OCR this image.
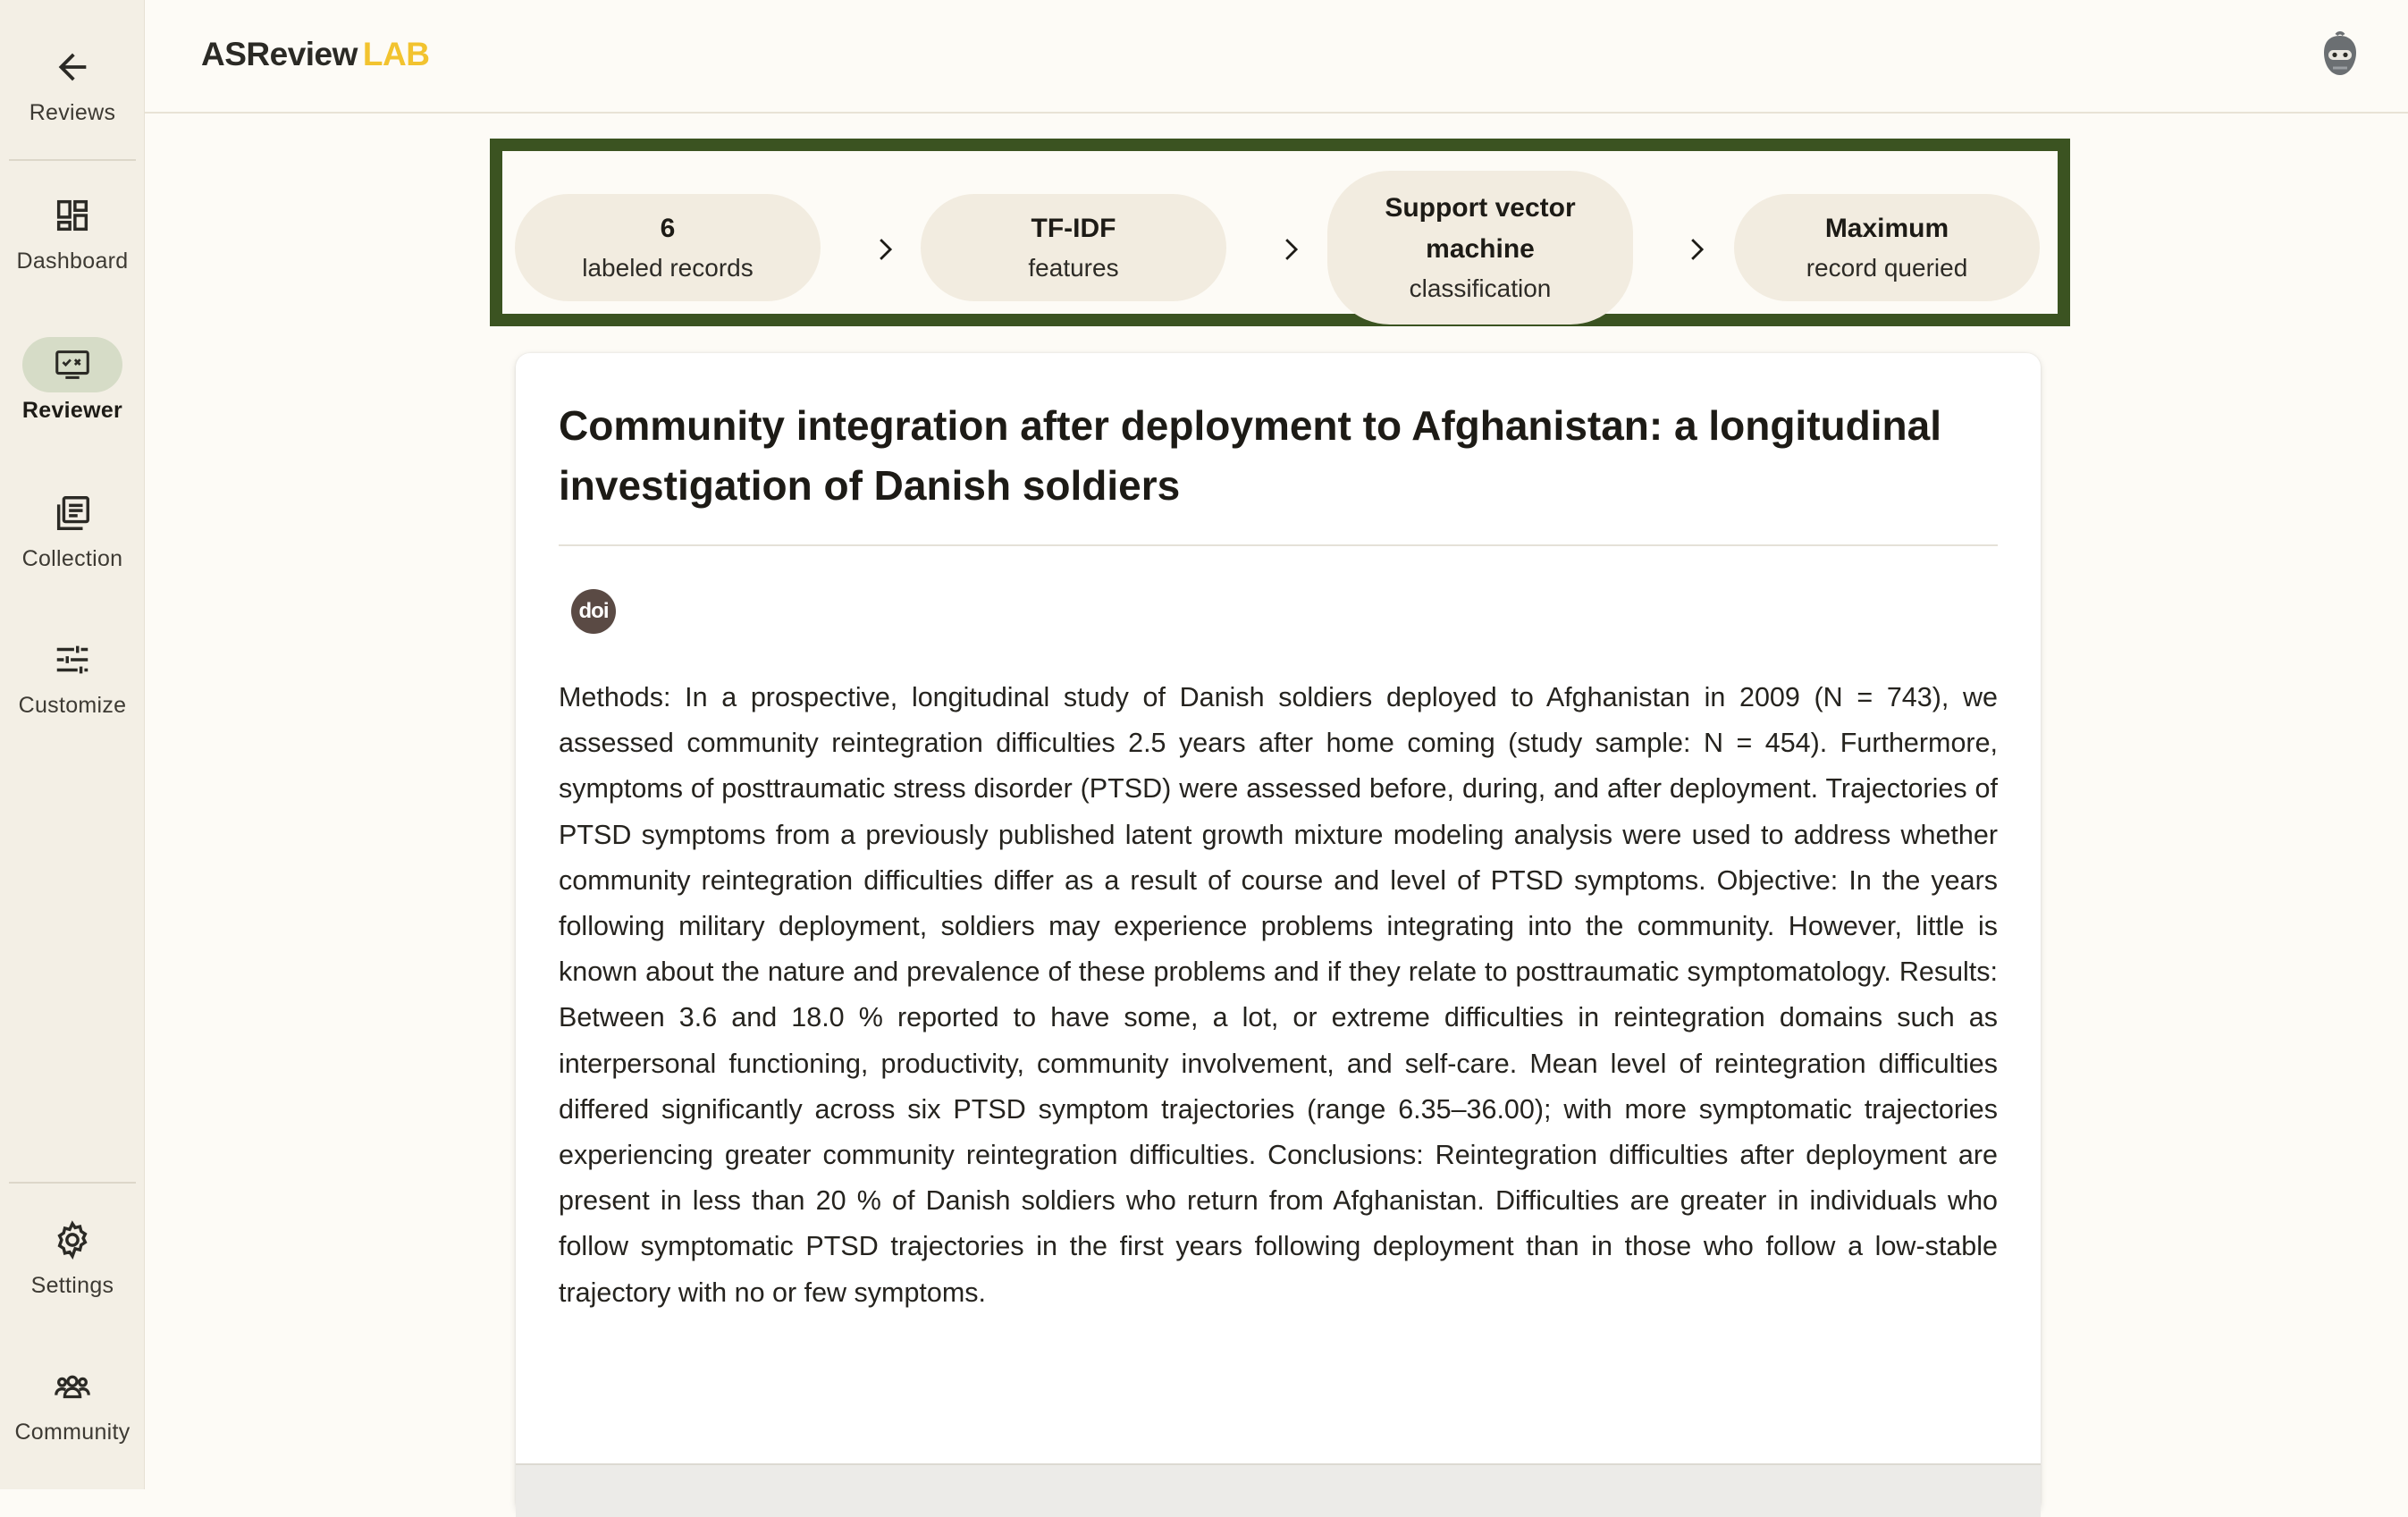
Reviews
Dashboard
Reviewer
Collection
Customize
Settings
Community
ASReview LAB
6
labeled records
TF-IDF
features
Support vector machine
classification
Maximum
record queried
Community integration after deployment to Afghanistan: a longitudinal investigation of Danish soldiers
doi

Methods: In a prospective, longitudinal study of Danish soldiers deployed to Afghanistan in 2009 (N = 743), we assessed community reintegration difficulties 2.5 years after home coming (study sample: N = 454). Furthermore, symptoms of posttraumatic stress disorder (PTSD) were assessed before, during, and after deployment. Trajectories of PTSD symptoms from a previously published latent growth mixture modeling analysis were used to address whether community reintegration difficulties differ as a result of course and level of PTSD symptoms. Objective: In the years following military deployment, soldiers may experience problems integrating into the community. However, little is known about the nature and prevalence of these problems and if they relate to posttraumatic symptomatology. Results: Between 3.6 and 18.0 % reported to have some, a lot, or extreme difficulties in reintegration domains such as interpersonal functioning, productivity, community involvement, and self-care. Mean level of reintegration difficulties differed significantly across six PTSD symptom trajectories (range 6.35–36.00); with more symptomatic trajectories experiencing greater community reintegration difficulties. Conclusions: Reintegration difficulties after deployment are present in less than 20 % of Danish soldiers who return from Afghanistan. Difficulties are greater in individuals who follow symptomatic PTSD trajectories in the first years following deployment than in those who follow a low-stable trajectory with no or few symptoms.
